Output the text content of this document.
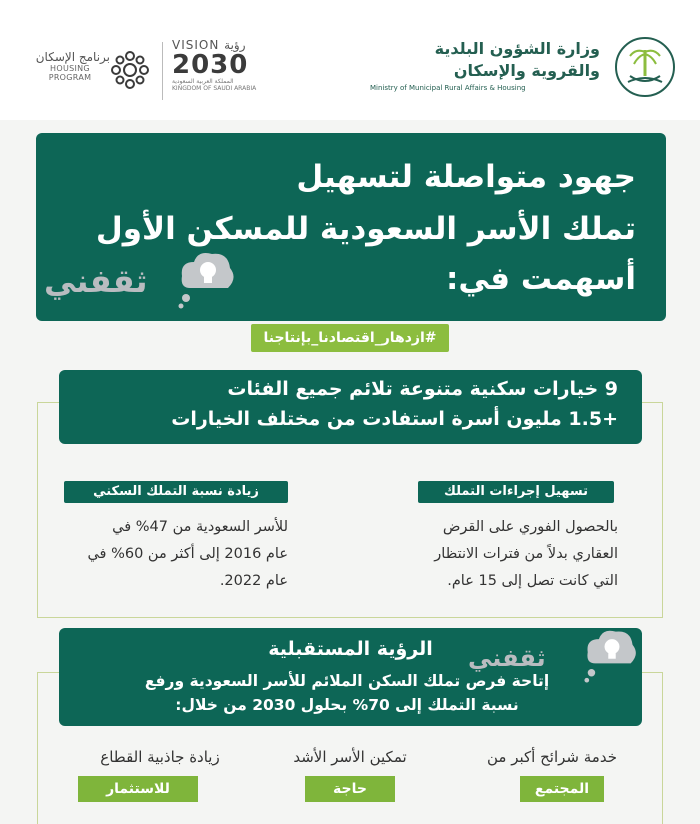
برنامج الإسكان
HOUSING PROGRAM
VISION رؤية
2030
المملكة العربية السعودية KINGDOM OF SAUDI ARABIA
وزارة الشؤون البلدية
والقروية والإسكان
Ministry of Municipal Rural Affairs & Housing
جهود متواصلة لتسهيل
تملك الأسر السعودية للمسكن الأول
أسهمت في:
ثقفني
#ازدهار_اقتصادنا_بإنتاجنا
9 خيارات سكنية متنوعة تلائم جميع الفئات
+1.5 مليون أسرة استفادت من مختلف الخيارات
تسهيل إجراءات التملك
بالحصول الفوري على القرض
العقاري بدلاً من فترات الانتظار
التي كانت تصل إلى 15 عام.
زيادة نسبة التملك السكني
للأسر السعودية من 47% في
عام 2016 إلى أكثر من 60% في
عام 2022.
الرؤية المستقبلية
إتاحة فرص تملك السكن الملائم للأسر السعودية ورفع
نسبة التملك إلى 70% بحلول 2030 من خلال:
ثقفني
خدمة شرائح أكبر من
المجتمع
تمكين الأسر الأشد
حاجة
زيادة جاذبية القطاع
للاستثمار
